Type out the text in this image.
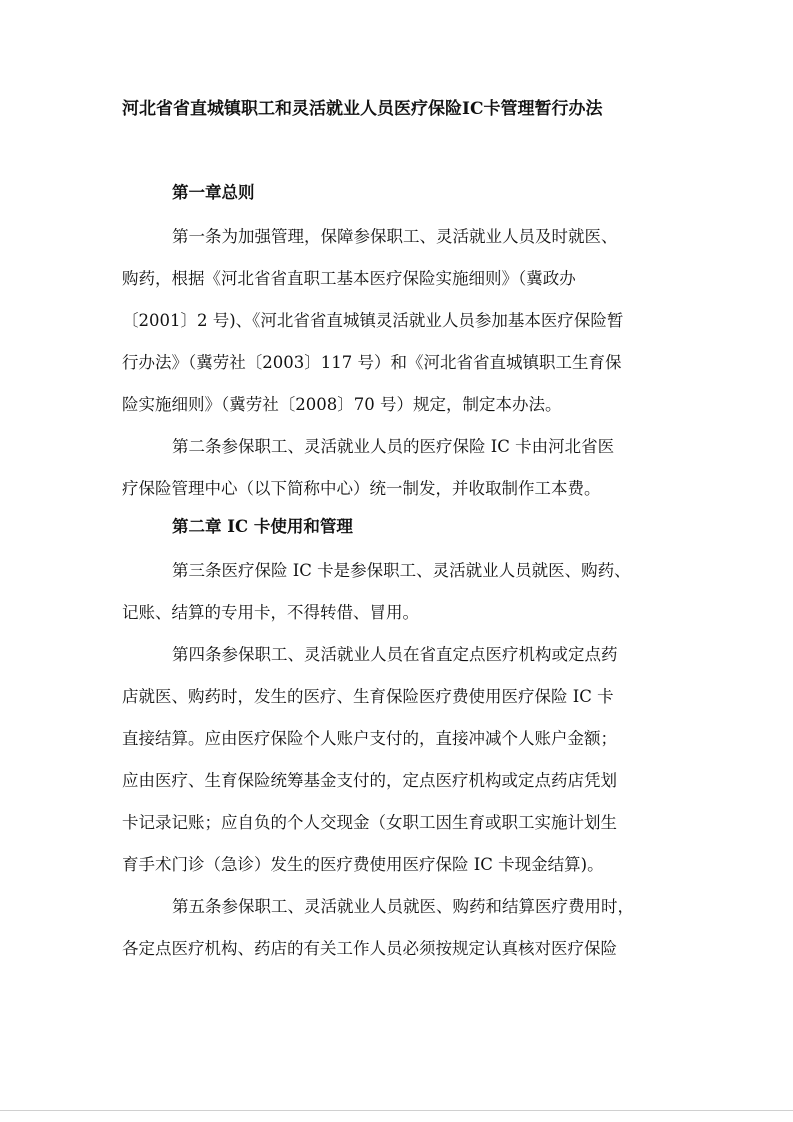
河北省省直城镇职工和灵活就业人员医疗保险IC卡管理暂行办法
第一章总则
第一条为加强管理，保障参保职工、灵活就业人员及时就医、
购药，根据《河北省省直职工基本医疗保险实施细则》（冀政办
〔2001〕2 号)、《河北省省直城镇灵活就业人员参加基本医疗保险暂
行办法》（冀劳社〔2003〕117 号）和《河北省省直城镇职工生育保
险实施细则》（冀劳社〔2008〕70 号）规定，制定本办法。
第二条参保职工、灵活就业人员的医疗保险 IC 卡由河北省医
疗保险管理中心（以下简称中心）统一制发，并收取制作工本费。
第二章 IC 卡使用和管理
第三条医疗保险 IC 卡是参保职工、灵活就业人员就医、购药、
记账、结算的专用卡，不得转借、冒用。
第四条参保职工、灵活就业人员在省直定点医疗机构或定点药
店就医、购药时，发生的医疗、生育保险医疗费使用医疗保险 IC 卡
直接结算。应由医疗保险个人账户支付的，直接冲减个人账户金额；
应由医疗、生育保险统筹基金支付的，定点医疗机构或定点药店凭划
卡记录记账；应自负的个人交现金（女职工因生育或职工实施计划生
育手术门诊（急诊）发生的医疗费使用医疗保险 IC 卡现金结算)。
第五条参保职工、灵活就业人员就医、购药和结算医疗费用时，
各定点医疗机构、药店的有关工作人员必须按规定认真核对医疗保险
